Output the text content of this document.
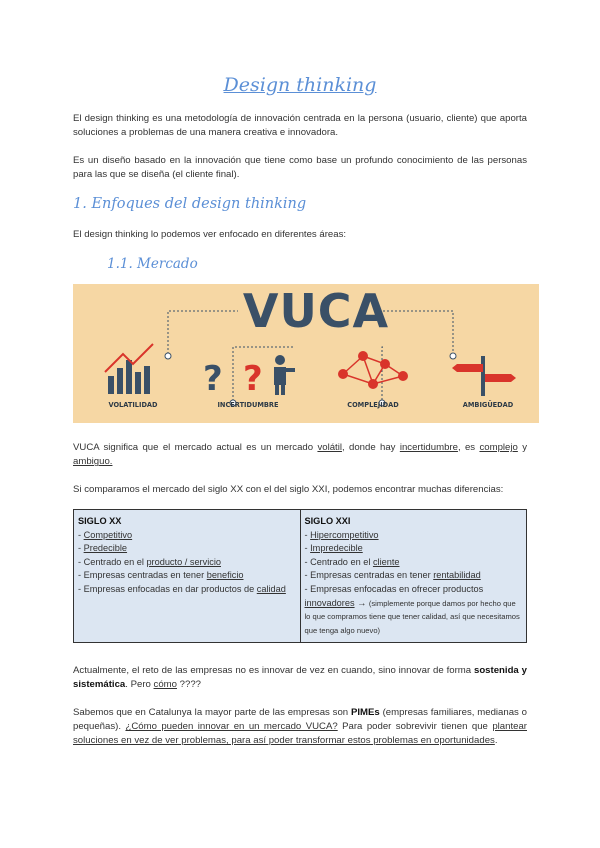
Design thinking
El design thinking es una metodología de innovación centrada en la persona (usuario, cliente) que aporta soluciones a problemas de una manera creativa e innovadora.
Es un diseño basado en la innovación que tiene como base un profundo conocimiento de las personas para las que se diseña (el cliente final).
1. Enfoques del design thinking
El design thinking lo podemos ver enfocado en diferentes áreas:
1.1. Mercado
VUCA
? ?
VOLATILIDAD	INCERTIDUMBRE	COMPLEJIDAD	AMBIGÜEDAD
VUCA significa que el mercado actual es un mercado volátil, donde hay incertidumbre, es complejo y ambiguo.
Si comparamos el mercado del siglo XX con el del siglo XXI, podemos encontrar muchas diferencias:
SIGLO XX
- Competitivo
- Predecible
- Centrado en el producto / servicio
- Empresas centradas en tener beneficio
- Empresas enfocadas en dar productos de calidad

SIGLO XXI
- Hipercompetitivo
- Impredecible
- Centrado en el cliente
- Empresas centradas en tener rentabilidad
- Empresas enfocadas en ofrecer productos innovadores → (simplemente porque damos por hecho que lo que compramos tiene que tener calidad, así que necesitamos que tenga algo nuevo)
Actualmente, el reto de las empresas no es innovar de vez en cuando, sino innovar de forma sostenida y sistemática. Pero cómo ????
Sabemos que en Catalunya la mayor parte de las empresas son PIMEs (empresas familiares, medianas o pequeñas). ¿Cómo pueden innovar en un mercado VUCA? Para poder sobrevivir tienen que plantear soluciones en vez de ver problemas, para así poder transformar estos problemas en oportunidades.
